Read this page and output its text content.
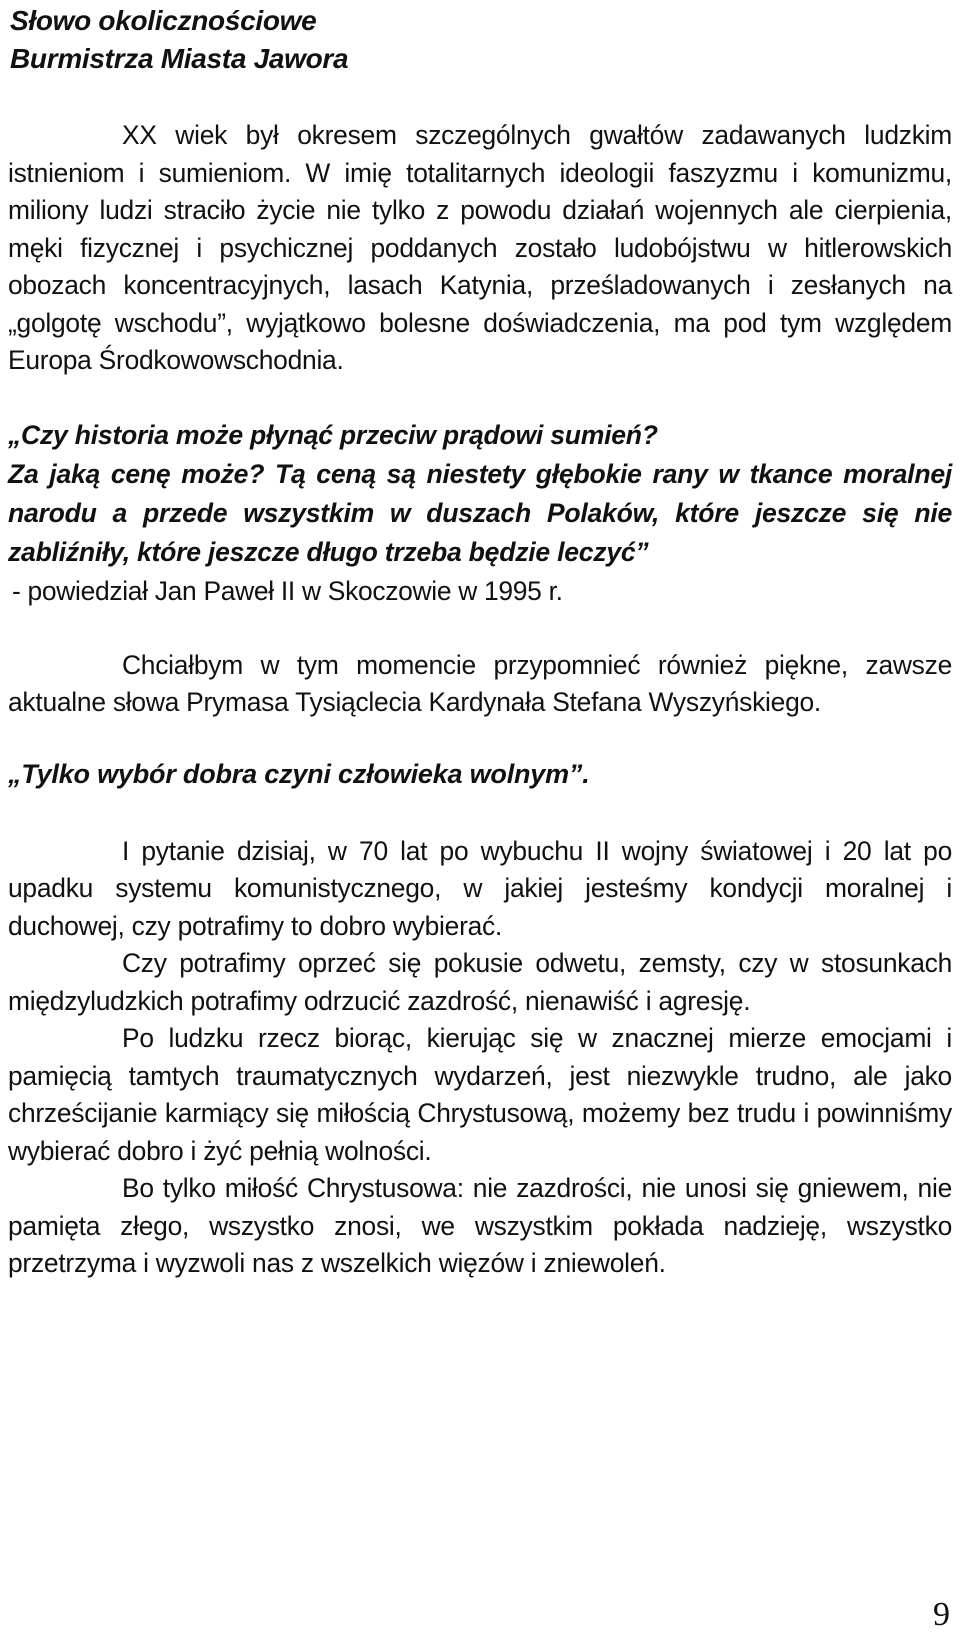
Słowo okolicznościowe
Burmistrza Miasta Jawora

XX wiek był okresem szczególnych gwałtów zadawanych ludzkim istnieniom i sumieniom. W imię totalitarnych ideologii faszyzmu i komunizmu, miliony ludzi straciło życie nie tylko z powodu działań wojennych ale cierpienia, męki fizycznej i psychicznej poddanych zostało ludobójstwu w hitlerowskich obozach koncentracyjnych, lasach Katynia, prześladowanych i zesłanych na „golgotę wschodu”, wyjątkowo bolesne doświadczenia, ma pod tym względem Europa Środkowowschodnia.

„Czy historia może płynąć przeciw prądowi sumień?

Za jaką cenę może? Tą ceną są niestety głębokie rany w tkance moralnej narodu a przede wszystkim w duszach Polaków, które jeszcze się nie zabliźniły, które jeszcze długo trzeba będzie leczyć”

- powiedział Jan Paweł II w Skoczowie w 1995 r.

Chciałbym w tym momencie przypomnieć również piękne, zawsze aktualne słowa Prymasa Tysiąclecia Kardynała Stefana Wyszyńskiego.

„Tylko wybór dobra czyni człowieka wolnym”.

I pytanie dzisiaj, w 70 lat po wybuchu II wojny światowej i 20 lat po upadku systemu komunistycznego, w jakiej jesteśmy kondycji moralnej i duchowej, czy potrafimy to dobro wybierać.

Czy potrafimy oprzeć się pokusie odwetu, zemsty, czy w stosunkach międzyludzkich potrafimy odrzucić zazdrość, nienawiść i agresję.

Po ludzku rzecz biorąc, kierując się w znacznej mierze emocjami i pamięcią tamtych traumatycznych wydarzeń, jest niezwykle trudno, ale jako chrześcijanie karmiący się miłością Chrystusową, możemy bez trudu i powinniśmy wybierać dobro i żyć pełnią wolności.

Bo tylko miłość Chrystusowa: nie zazdrości, nie unosi się gniewem, nie pamięta złego, wszystko znosi, we wszystkim pokłada nadzieję, wszystko przetrzyma i wyzwoli nas z wszelkich więzów i zniewoleń.

9
